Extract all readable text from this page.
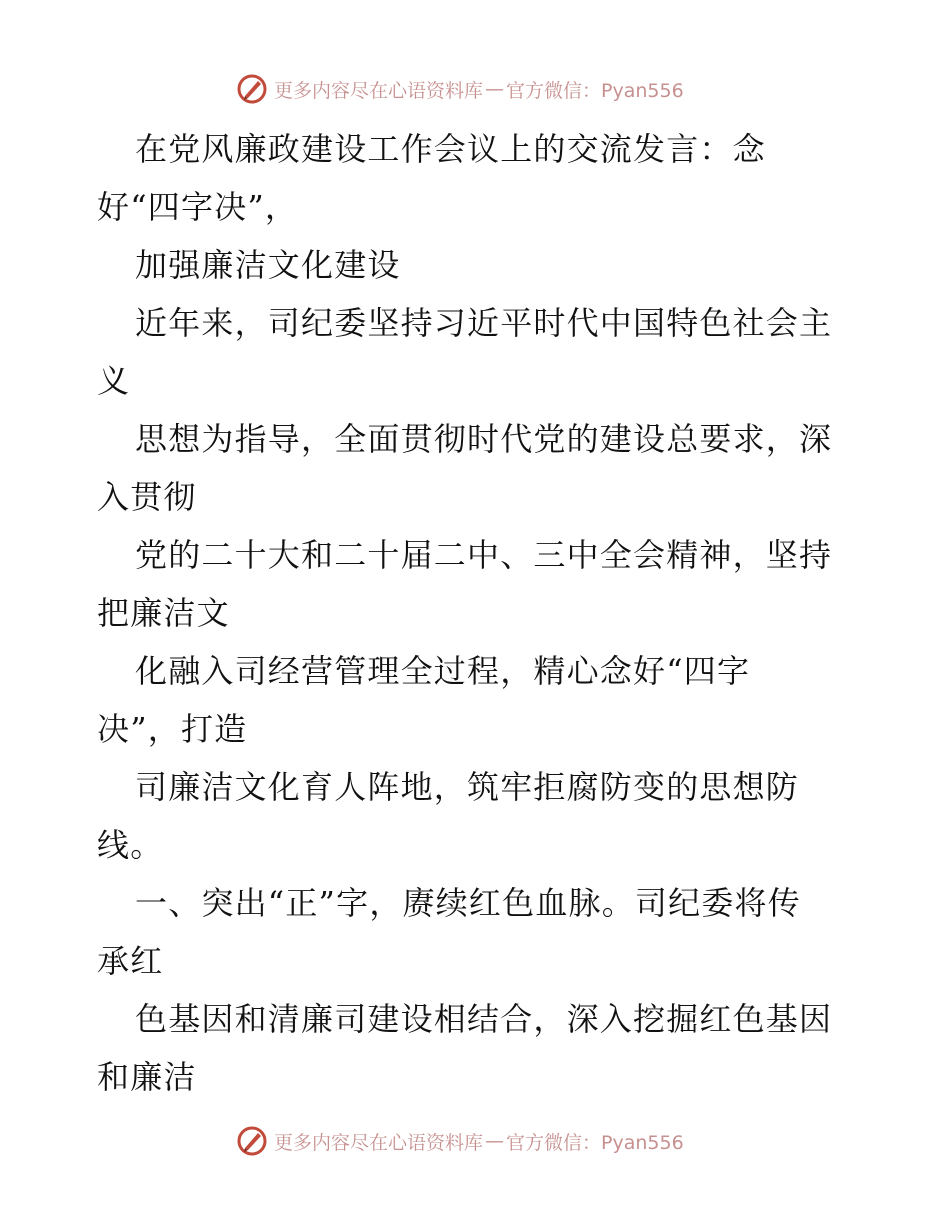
更多内容尽在心语资料库 — 官方微信：Pyan556
在党风廉政建设工作会议上的交流发言：念
好“四字决”，
加强廉洁文化建设
近年来，司纪委坚持习近平时代中国特色社会主
义
思想为指导，全面贯彻时代党的建设总要求，深
入贯彻
党的二十大和二十届二中、三中全会精神，坚持
把廉洁文
化融入司经营管理全过程，精心念好“四字
决”，打造
司廉洁文化育人阵地，筑牢拒腐防变的思想防
线。
一、突出“正”字，赓续红色血脉。司纪委将传
承红
色基因和清廉司建设相结合，深入挖掘红色基因
和廉洁
更多内容尽在心语资料库 — 官方微信：Pyan556
